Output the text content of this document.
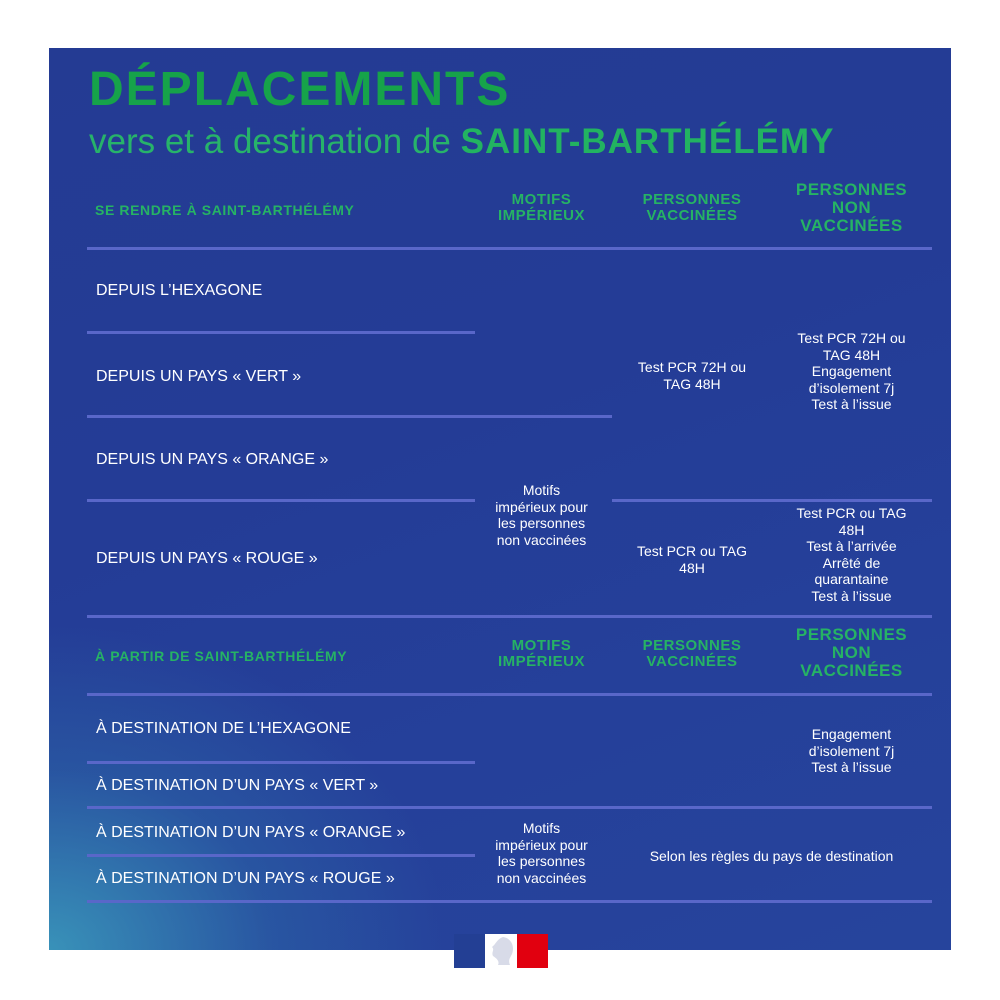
DÉPLACEMENTS
vers et à destination de SAINT-BARTHÉLÉMY
SE RENDRE À SAINT-BARTHÉLÉMY
MOTIFS
IMPÉRIEUX
PERSONNES
VACCINÉES
PERSONNES
NON
VACCINÉES
DEPUIS L’HEXAGONE
DEPUIS UN PAYS « VERT »
DEPUIS UN PAYS « ORANGE »
DEPUIS UN PAYS « ROUGE »
Motifs
impérieux pour
les personnes
non vaccinées
Test PCR 72H ou
TAG 48H
Test PCR 72H ou
TAG 48H
Engagement
d’isolement 7j
Test à l’issue
Test PCR ou TAG
48H
Test PCR ou TAG
48H
Test à l’arrivée
Arrêté de
quarantaine
Test à l’issue
À PARTIR DE SAINT-BARTHÉLÉMY
MOTIFS
IMPÉRIEUX
PERSONNES
VACCINÉES
PERSONNES
NON
VACCINÉES
À DESTINATION DE L’HEXAGONE
À DESTINATION D’UN PAYS « VERT »
À DESTINATION D’UN PAYS « ORANGE »
À DESTINATION D’UN PAYS « ROUGE »
Engagement
d’isolement 7j
Test à l’issue
Motifs
impérieux pour
les personnes
non vaccinées
Selon les règles du pays de destination
